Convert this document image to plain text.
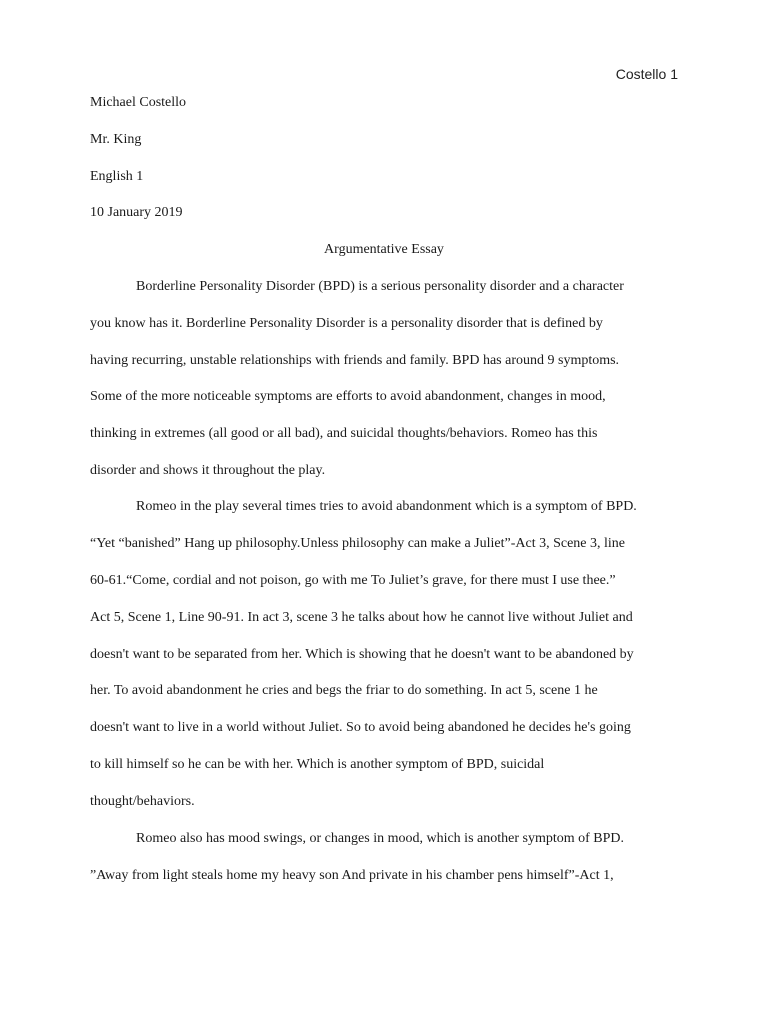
Costello 1
Michael Costello
Mr. King
English 1
10 January 2019
Argumentative Essay
Borderline Personality Disorder (BPD) is a serious personality disorder and a character
you know has it. Borderline Personality Disorder is a personality disorder that is defined by
having recurring, unstable relationships with friends and family. BPD has around 9 symptoms.
Some of the more noticeable symptoms are efforts to avoid abandonment, changes in mood,
thinking in extremes (all good or all bad), and suicidal thoughts/behaviors. Romeo has this
disorder and shows it throughout the play.
Romeo in the play several times tries to avoid abandonment which is a symptom of BPD.
“Yet “banished” Hang up philosophy.Unless philosophy can make a Juliet”-Act 3, Scene 3, line
60-61.“Come, cordial and not poison, go with me To Juliet’s grave, for there must I use thee.”
Act 5, Scene 1, Line 90-91. In act 3, scene 3 he talks about how he cannot live without Juliet and
doesn't want to be separated from her. Which is showing that he doesn't want to be abandoned by
her. To avoid abandonment he cries and begs the friar to do something. In act 5, scene 1 he
doesn't want to live in a world without Juliet. So to avoid being abandoned he decides he's going
to kill himself so he can be with her. Which is another symptom of BPD, suicidal
thought/behaviors.
Romeo also has mood swings, or changes in mood, which is another symptom of BPD.
”Away from light steals home my heavy son And private in his chamber pens himself”-Act 1,
